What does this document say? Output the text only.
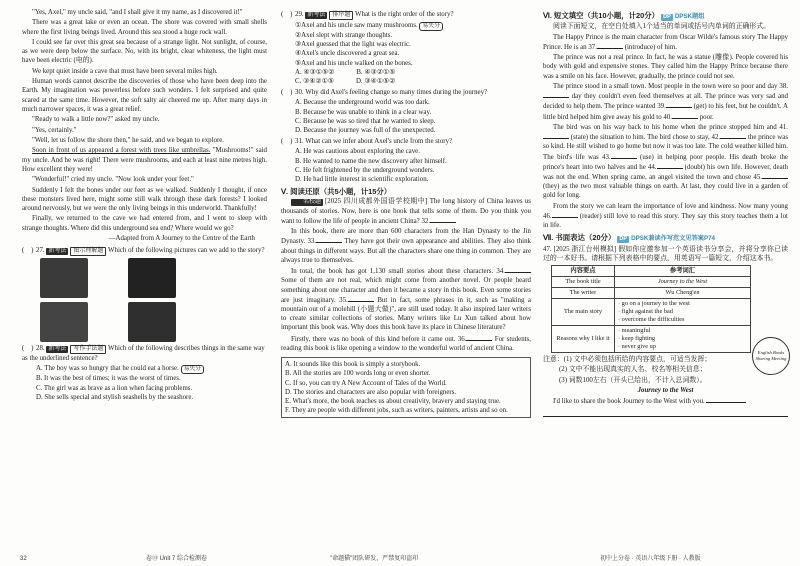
"Yes, Axel," my uncle said, "and I shall give it my name, as I discovered it!"

There was a great lake or even an ocean. The shore was covered with small shells where the first living beings lived. Around this sea stood a huge rock wall.

I could see far over this great sea because of a strange light. Not sunlight, of course, as we were deep below the surface. No, with its bright, clear whiteness, the light must have been electric (电的).

We kept quiet inside a cave that must have been several miles high.

Human words cannot describe the discoveries of those who have been deep into the Earth. My imagination was powerless before such wonders. I felt surprised and quite scared at the same time. However, the soft salty air cheered me up. After many days in much narrower spaces, it was a great relief.

"Ready to walk a little now?" asked my uncle.

"Yes, certainly."

"Well, let us follow the shore then," he said, and we began to explore.

Soon in front of us appeared a forest with trees like umbrellas. "Mushrooms!" said my uncle. And he was right! There were mushrooms, and each at least nine metres high. How excellent they were!

"Wonderful!" cried my uncle. "Now look under your feet."

Suddenly I felt the bones under our feet as we walked. Suddenly I thought, if once these monsters lived here, might some still walk through these dark forests? I looked around nervously, but we were the only living beings in this underworld. Thankfully!

Finally, we returned to the cave we had entered from, and I went to sleep with strange thoughts. Where did this underground sea end? Where would we go?

—Adapted from A Journey to the Centre of the Earth

(　) 27. 新考法 图示理解题 Which of the following pictures can we add to the story?
(　) 28. 新考法 写作手法题 Which of the following describes things in the same way as the underlined sentence?
A. The boy was so hungry that he could eat a horse. 易失分
B. It was the best of times; it was the worst of times.
C. The girl was as brave as a lion when facing problems.
D. She sells special and stylish seashells by the seashore.
(　) 29. 新考法 排序题 What is the right order of the story?
①Axel and his uncle saw many mushrooms. 易失分
②Axel slept with strange thoughts.
③Axel guessed that the light was electric.
④Axel's uncle discovered a great sea.
⑤Axel and his uncle walked on the bones.
A. ④③①⑤②	B. ④③②①⑤
C. ③④②①⑤	D. ③④①⑤②
(　) 30. Why did Axel's feeling change so many times during the journey?
A. Because the underground world was too dark.
B. Because he was unable to think in a clear way.
C. Because he was so tired that he wanted to sleep.
D. Because the journey was full of the unexpected.
(　) 31. What can we infer about Axel's uncle from the story?
A. He was cautious about exploring the cave.
B. He wanted to name the new discovery after himself.
C. He felt frightened by the underground wonders.
D. He had little interest in scientific exploration.
Ⅴ. 阅读还原（共5小题，计15分）

名校题 [2025 四川成都外国语学校期中] The long history of China leaves us thousands of stories. Now, here is one book that tells some of them. Do you think you want to follow the life of people in ancient China? 32.

In this book, there are more than 600 characters from the Han Dynasty to the Jin Dynasty. 33.	They have got their own appearance and abilities. They also think about things in different ways. But all the characters share one thing in common. They are always true to themselves.

In total, the book has got 1,130 small stories about these characters. 34. Some of them are not real, which might come from another novel. Or people heard something about one character and then it became a story in this book. Even some stories are just imaginary. 35.	But in fact, some phrases in it, such as "making a mountain out of a molehill (小题大做)", are still used today. It also inspired later writers to create similar collections of stories. Many writers like Lu Xun talked about how important this book was. Why does this book have its place in Chinese literature?

Firstly, there was no book of this kind before it came out. 36.	For students, reading this book is like opening a window to the wonderful world of ancient China.

A. It sounds like this book is simply a storybook.
B. All the stories are 100 words long or even shorter.
C. If so, you can try A New Account of Tales of the World.
D. The stories and characters are also popular with foreigners.
E. What's more, the book teaches us about creativity, bravery and staying true.
F. They are people with different jobs, such as writers, painters, artists and so on.
Ⅵ. 短文填空（共10小题，计20分） DP DPSK题组

阅读下面短文，在空白处填入1个适当的单词或括号内单词的正确形式。

The Happy Prince is the main character from Oscar Wilde's famous story The Happy Prince. He is an 37.	(introduce) of him.

The prince was not a real prince. In fact, he was a statue (雕像). People covered his body with gold and expensive stones. They called him the Happy Prince because there was a smile on his face. However, gradually, the prince could not see.

The prince stood in a small town. Most people in the town were so poor and day 38. day they couldn't even feed themselves at all. The prince was very sad and decided to help them. The prince wanted 39.	(get) to his feet, but he couldn't. A little bird helped him give away his gold to 40.	poor.

The bird was on his way back to his home when the prince stopped him and 41. (state) the situation to him. The bird chose to stay, 42.	the prince was so kind. He still wished to go home but now it was too late. The cold weather killed him. The bird's life was 43.	(use) in helping poor people. His death broke the prince's heart into two halves and he 44.	(doubt) his own life. However, death was not the end. When spring came, an angel visited the town and chose 45. (they) as the two most valuable things on earth. At last, they could live in a garden of gold for long.

From the story we can learn the importance of love and kindness. Now many young 46.	(reader) still love to read this story. They say this story teaches them a lot in life.

Ⅶ. 书面表达（20分） DP DPSK兼读作写范文见答案P74

47. [2025 浙江台州模拟] 假如你应邀参加一个英语读书分享会，并将分享你已读过的一本好书。请根据下列表格中的要点，用英语写一篇短文，介绍这本书。

内容要点	参考词汇
The book title	Journey to the West
The writer	Wu Cheng'en
The main story	· go on a journey to the west
· fight against the bad
· overcome the difficulties

Reasons why I like it	· meaningful
· keep fighting
· never give up
English Books Sharing Meeting

注意：(1) 文中必须包括所给的内容要点，可适当发挥；

(2) 文中不能出现真实的人名、校名等相关信息；

(3) 词数100左右（开头已给出，不计入总词数）。

Journey to the West

I'd like to share the book Journey to the West with you.

32	卷⑬ Unit 7 综合检测卷	"命题猫"团队研发，严禁复印盗印	初中上分卷 · 英语八年级下册 · 人教版
